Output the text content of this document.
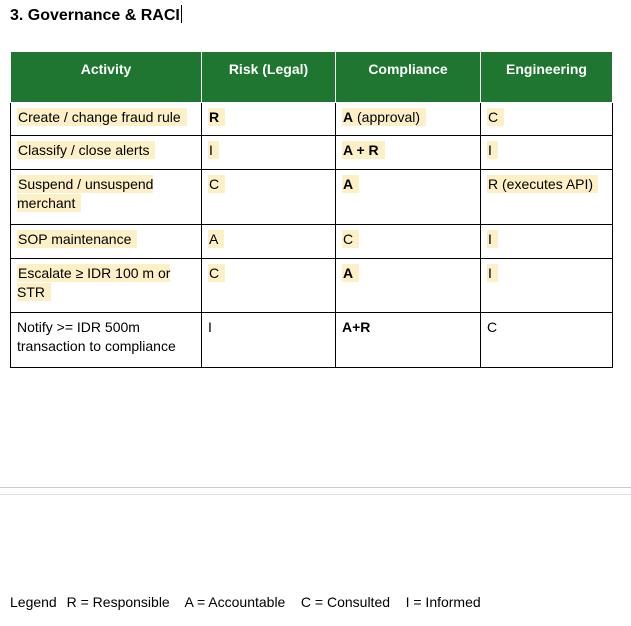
3. Governance & RACI
Activity	Risk (Legal)	Compliance	Engineering
Create / change fraud rule	R	A (approval)	C
Classify / close alerts	I	A + R	I
Suspend / unsuspend merchant	C	A	R (executes API)
SOP maintenance	A	C	I
Escalate ≥ IDR 100 m or STR	C	A	I
Notify >= IDR 500m transaction to compliance	I	A+R	C
Legend R = Responsible A = Accountable C = Consulted I = Informed
